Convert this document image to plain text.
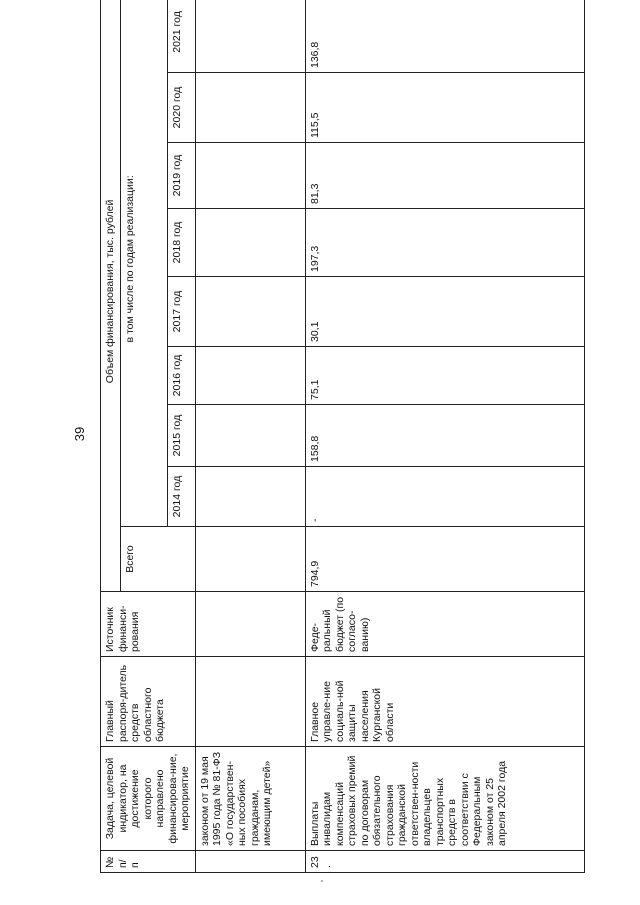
39
№ п/п	Задача, целевой индикатор, на достижение которого направлено финансирова-ние, мероприятие	Главный распоря-дитель средств областного бюджета	Источник финанси-рования	Объем финансирования, тыс. рублей								
				Всего	в том числе по годам реализации:							
					2014 год	2015 год	2016 год	2017 год	2018 год	2019 год	2020 год	2021 год
	законом от 19 мая 1995 года № 81-ФЗ «О государствен-ных пособиях гражданам, имеющим детей»											
23.	Выплаты инвалидам компенсаций страховых премий по договорам обязательного страхования гражданской ответствен-ности владельцев транспортных средств в соответствии с Федеральным законом от 25 апреля 2002 года	Главное управле-ние социаль-ной защиты населения Курганской области	Феде-ральный бюджет (по согласо-ванию)	794,9	-	158,8	75,1	30,1	197,3	81,3	115,5	136,8
